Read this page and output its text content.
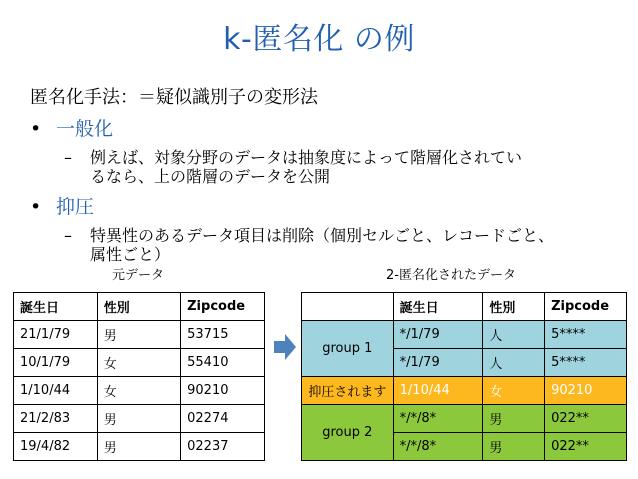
k-匿名化 の例
匿名化手法：＝疑似識別子の変形法
• 一般化
–	例えば、対象分野のデータは抽象度によって階層化されてい
るなら、上の階層のデータを公開
• 抑圧
–	特異性のあるデータ項目は削除（個別セルごと、レコードごと、
属性ごと）
元データ	2-匿名化されたデータ
誕生日	性別	Zipcode
21/1/79	男	53715
10/1/79	女	55410
1/10/44	女	90210
21/2/83	男	02274
19/4/82	男	02237
	誕生日	性別	Zipcode
group 1	*/1/79	人	5****
	*/1/79	人	5****
抑圧されます	1/10/44	女	90210
group 2	*/*/8*	男	022**
	*/*/8*	男	022**
